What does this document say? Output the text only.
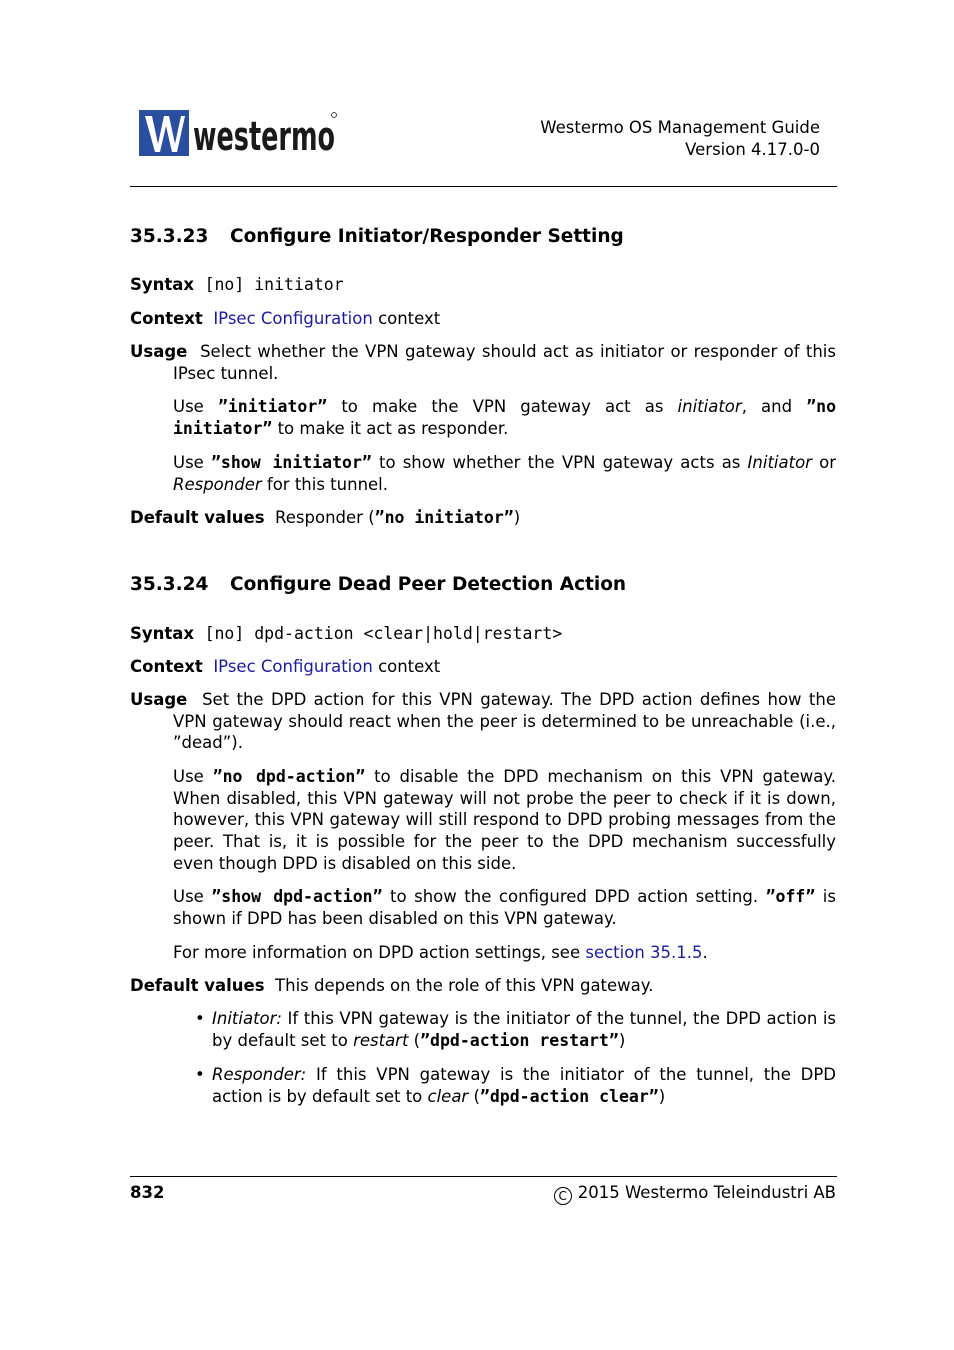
westermo	Westermo OS Management Guide
Version 4.17.0-0
35.3.23 Configure Initiator/Responder Setting
Syntax [no] initiator
Context IPsec Configuration context
Usage Select whether the VPN gateway should act as initiator or responder of this IPsec tunnel.
Use ”initiator” to make the VPN gateway act as initiator, and ”no initiator” to make it act as responder.
Use ”show initiator” to show whether the VPN gateway acts as Initiator or Responder for this tunnel.
Default values Responder (”no initiator”)
35.3.24 Configure Dead Peer Detection Action
Syntax [no] dpd-action <clear|hold|restart>
Context IPsec Configuration context
Usage Set the DPD action for this VPN gateway. The DPD action defines how the VPN gateway should react when the peer is determined to be unreachable (i.e., ”dead”).
Use ”no dpd-action” to disable the DPD mechanism on this VPN gateway. When disabled, this VPN gateway will not probe the peer to check if it is down, however, this VPN gateway will still respond to DPD probing messages from the peer. That is, it is possible for the peer to the DPD mechanism successfully even though DPD is disabled on this side.
Use ”show dpd-action” to show the configured DPD action setting. ”off” is shown if DPD has been disabled on this VPN gateway.
For more information on DPD action settings, see section 35.1.5.
Default values This depends on the role of this VPN gateway.
• Initiator: If this VPN gateway is the initiator of the tunnel, the DPD action is by default set to restart (”dpd-action restart”)
• Responder: If this VPN gateway is the initiator of the tunnel, the DPD action is by default set to clear (”dpd-action clear”)
832	C 2015 Westermo Teleindustri AB
